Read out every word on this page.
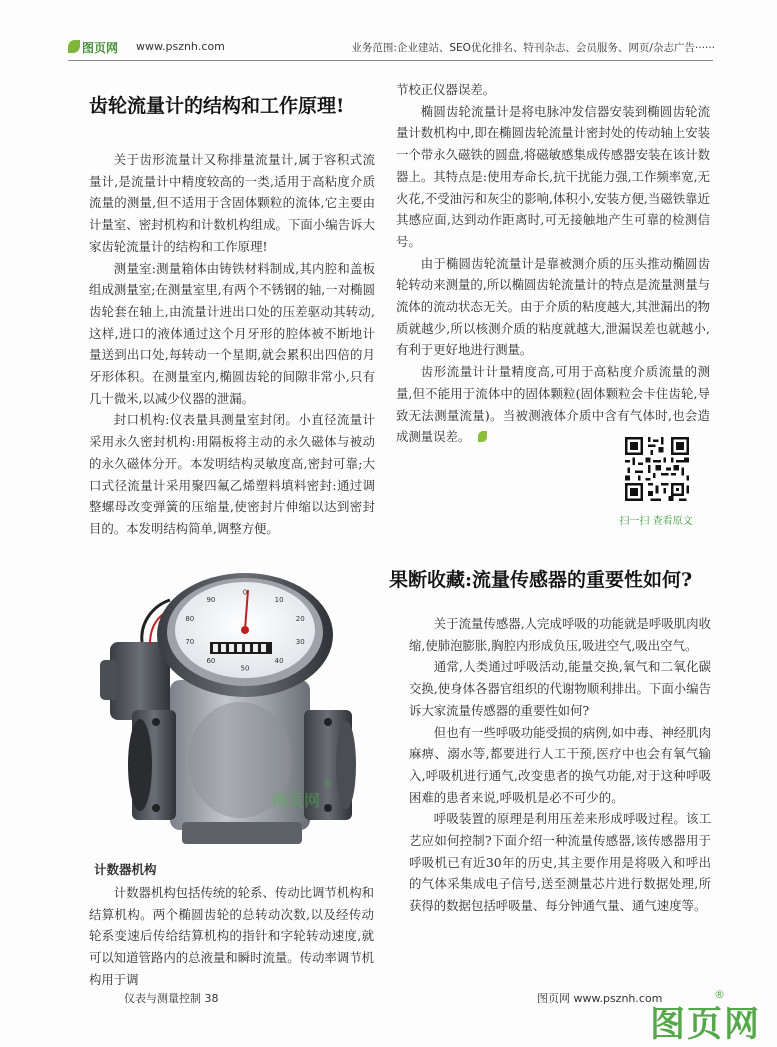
图页网 www.psznh.com	业务范围:企业建站、SEO优化排名、特刊杂志、会员服务、网页/杂志广告······
齿轮流量计的结构和工作原理!

关于齿形流量计又称排量流量计,属于容积式流量计,是流量计中精度较高的一类,适用于高粘度介质流量的测量,但不适用于含固体颗粒的流体,它主要由计量室、密封机构和计数机构组成。下面小编告诉大家齿轮流量计的结构和工作原理!

测量室:测量箱体由铸铁材料制成,其内腔和盖板组成测量室;在测量室里,有两个不锈钢的轴,一对椭圆齿轮套在轴上,由流量计进出口处的压差驱动其转动,这样,进口的液体通过这个月牙形的腔体被不断地计量送到出口处,每转动一个星期,就会累积出四倍的月牙形体积。在测量室内,椭圆齿轮的间隙非常小,只有几十微米,以减少仪器的泄漏。

封口机构:仪表量具测量室封闭。小直径流量计采用永久密封机构:用隔板将主动的永久磁体与被动的永久磁体分开。本发明结构灵敏度高,密封可靠;大口式径流量计采用聚四氟乙烯塑料填料密封:通过调整螺母改变弹簧的压缩量,使密封片伸缩以达到密封目的。本发明结构简单,调整方便。

节校正仪器误差。

椭圆齿轮流量计是将电脉冲发信器安装到椭圆齿轮流量计数机构中,即在椭圆齿轮流量计密封处的传动轴上安装一个带永久磁铁的圆盘,将磁敏感集成传感器安装在该计数器上。其特点是:使用寿命长,抗干扰能力强,工作频率宽,无火花,不受油污和灰尘的影响,体积小,安装方便,当磁铁靠近其感应面,达到动作距离时,可无接触地产生可靠的检测信号。

由于椭圆齿轮流量计是靠被测介质的压头推动椭圆齿轮转动来测量的,所以椭圆齿轮流量计的特点是流量测量与流体的流动状态无关。由于介质的粘度越大,其泄漏出的物质就越少,所以核测介质的粘度就越大,泄漏误差也就越小,有利于更好地进行测量。

齿形流量计计量精度高,可用于高粘度介质流量的测量,但不能用于流体中的固体颗粒(固体颗粒会卡住齿轮,导致无法测量流量)。当被测液体介质中含有气体时,也会造成测量误差。

扫一扫 查看原文
果断收藏:流量传感器的重要性如何?

关于流量传感器,人完成呼吸的功能就是呼吸肌肉收缩,使肺泡膨胀,胸腔内形成负压,吸进空气,吸出空气。

通常,人类通过呼吸活动,能量交换,氧气和二氧化碳交换,使身体各器官组织的代谢物顺利排出。下面小编告诉大家流量传感器的重要性如何?

但也有一些呼吸功能受损的病例,如中毒、神经肌肉麻痹、溺水等,都要进行人工干预,医疗中也会有氧气输入,呼吸机进行通气,改变患者的换气功能,对于这种呼吸困难的患者来说,呼吸机是必不可少的。

呼吸装置的原理是利用压差来形成呼吸过程。该工艺应如何控制?下面介绍一种流量传感器,该传感器用于呼吸机已有近30年的历史,其主要作用是将吸入和呼出的气体采集成电子信号,送至测量芯片进行数据处理,所获得的数据包括呼吸量、每分钟通气量、通气速度等。

0
10
20
30
40
50
60
70
80
90
图页网
®
计数器机构

计数器机构包括传统的轮系、传动比调节机构和结算机构。两个椭圆齿轮的总转动次数,以及经传动轮系变速后传给结算机构的指针和字轮转动速度,就可以知道管路内的总液量和瞬时流量。传动率调节机构用于调

仪表与测量控制 38	图页网 www.psznh.com
图页网
®
